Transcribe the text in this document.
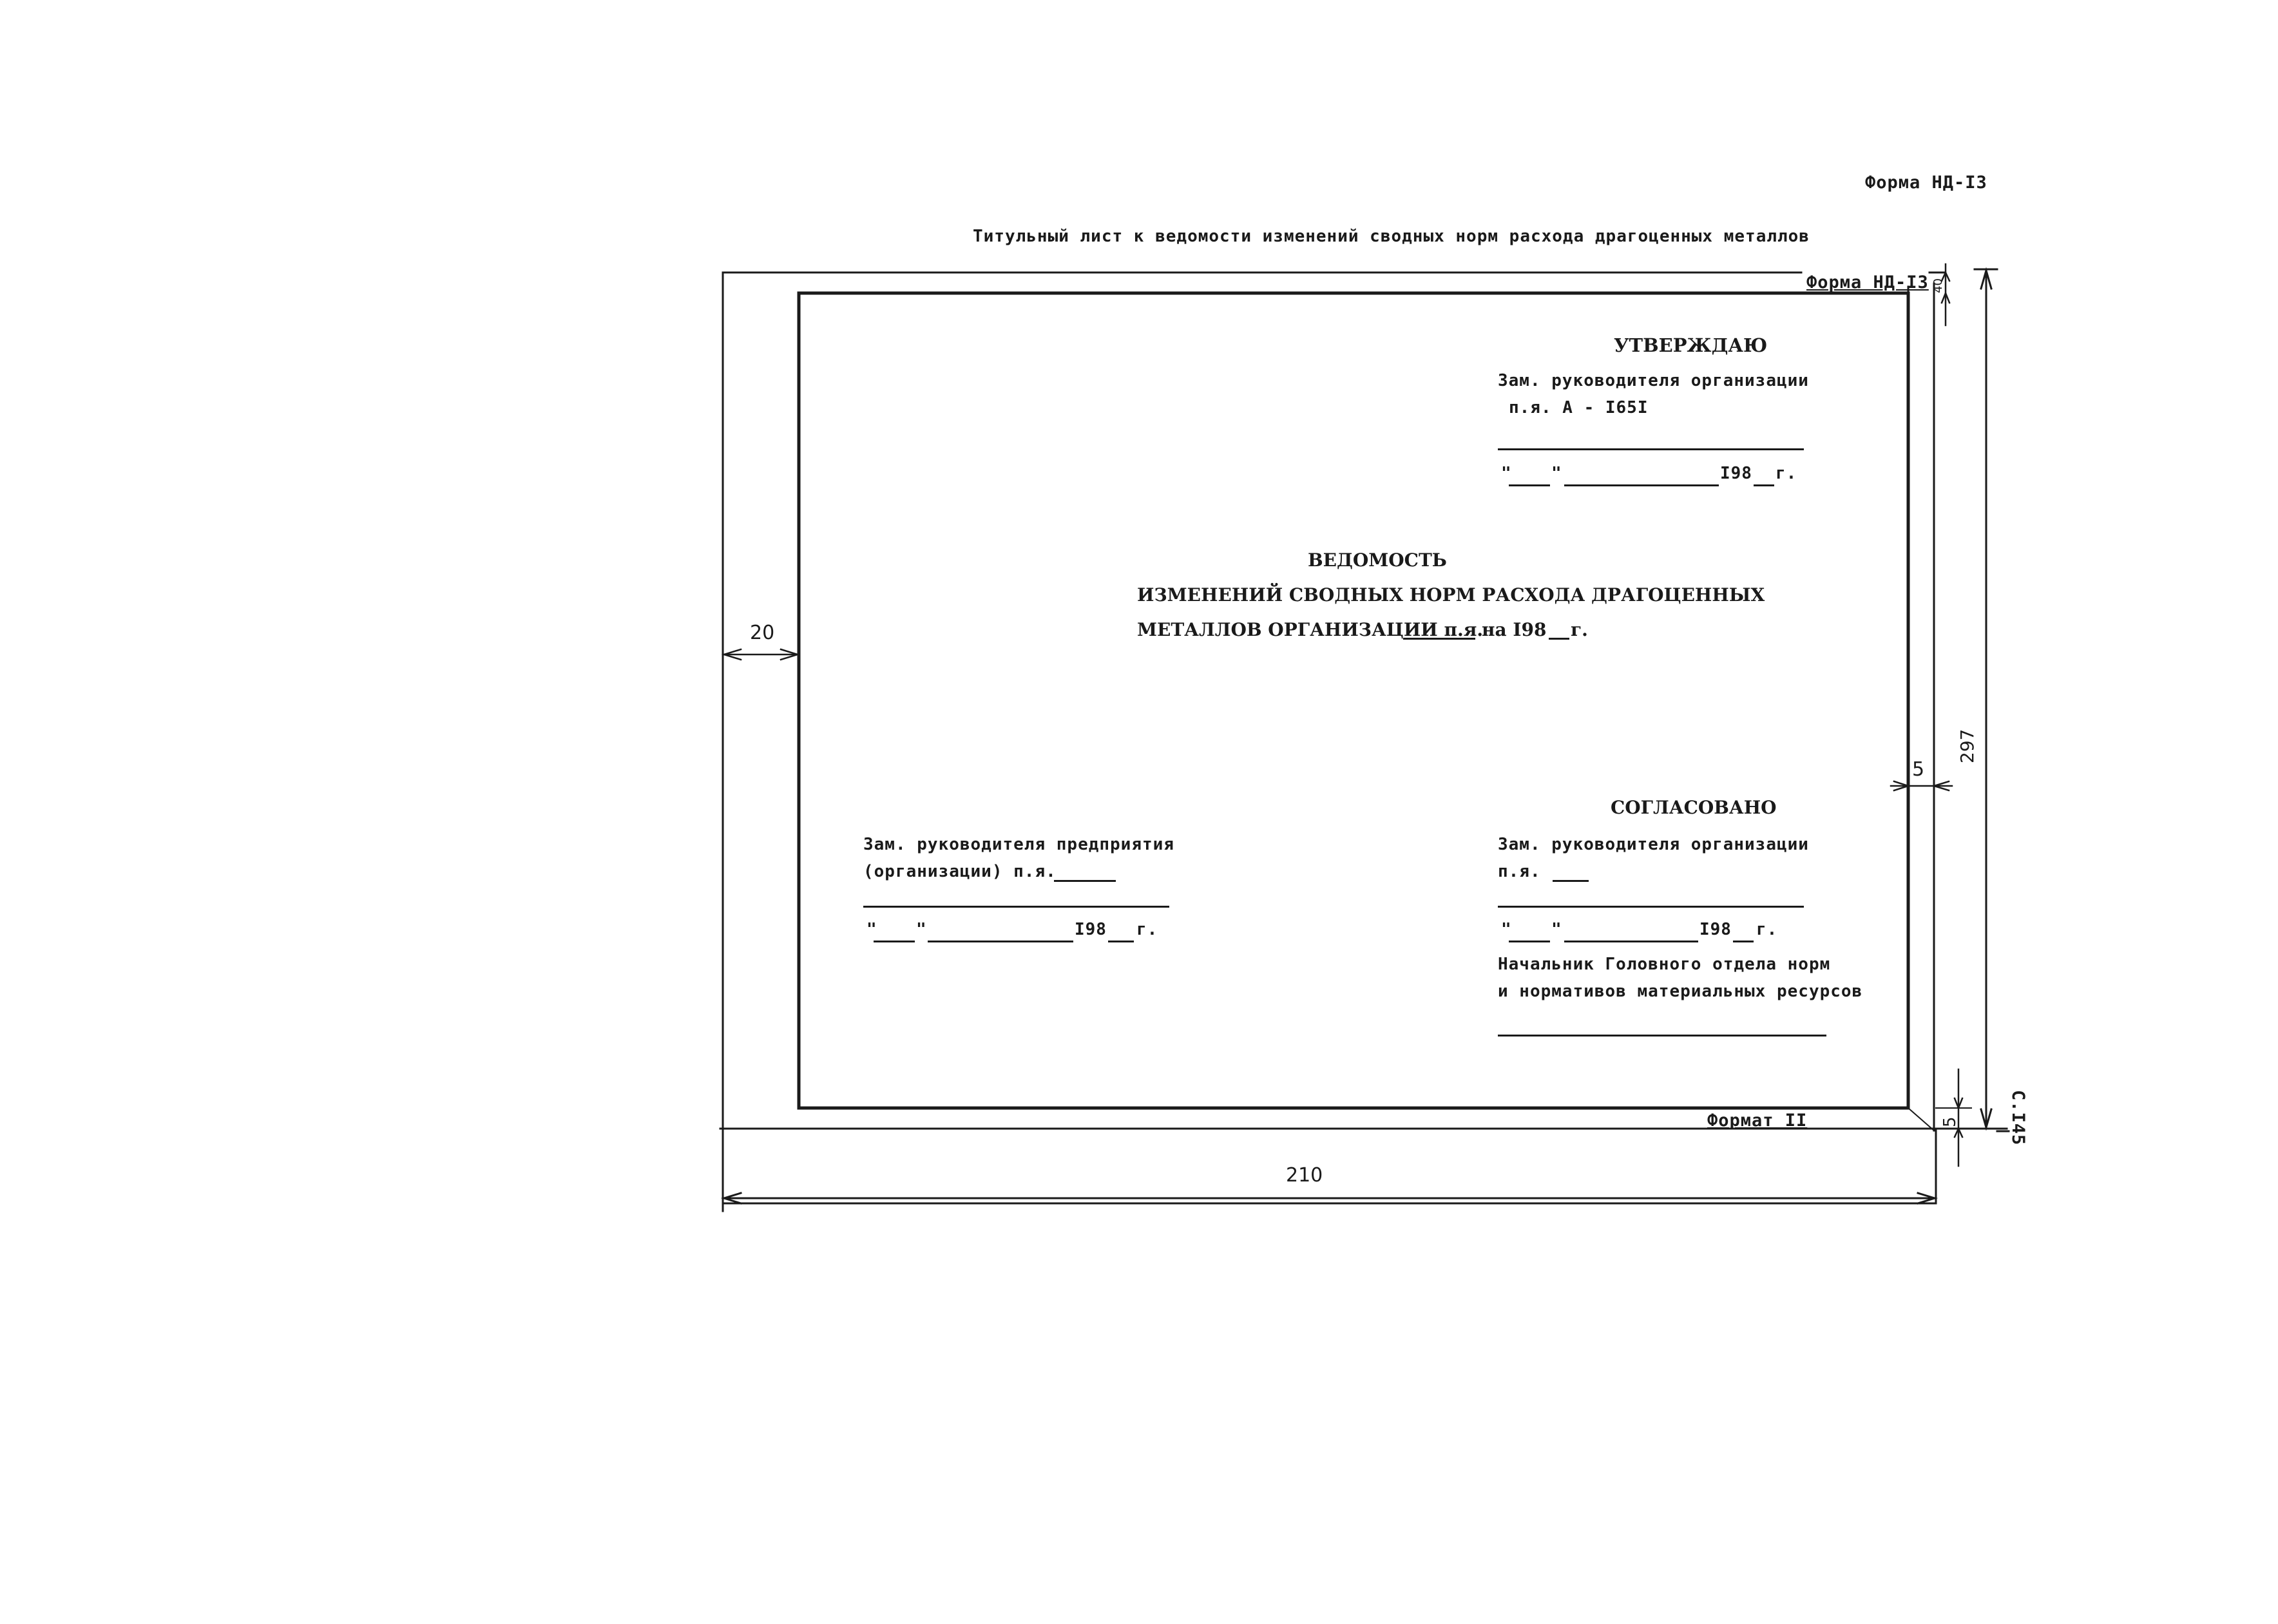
Форма НД-I3
Титульный лист к ведомости изменений сводных норм расхода драгоценных металлов
Форма НД-I3
УТВЕРЖДАЮ
Зам. руководителя организации
п.я. А - I65I
" "	I98 г.
ВЕДОМОСТЬ
ИЗМЕНЕНИЙ СВОДНЫХ НОРМ РАСХОДА ДРАГОЦЕННЫХ
МЕТАЛЛОВ ОРГАНИЗАЦИИ п.я.
на I98 г.
СОГЛАСОВАНО
Зам. руководителя организации
п.я.
" "	I98 г.
Начальник Головного отдела норм
и нормативов материальных ресурсов
Зам. руководителя предприятия
(организации) п.я.
" "	I98 г.
Формат II
20
5
210
297
40
5	С.I45
